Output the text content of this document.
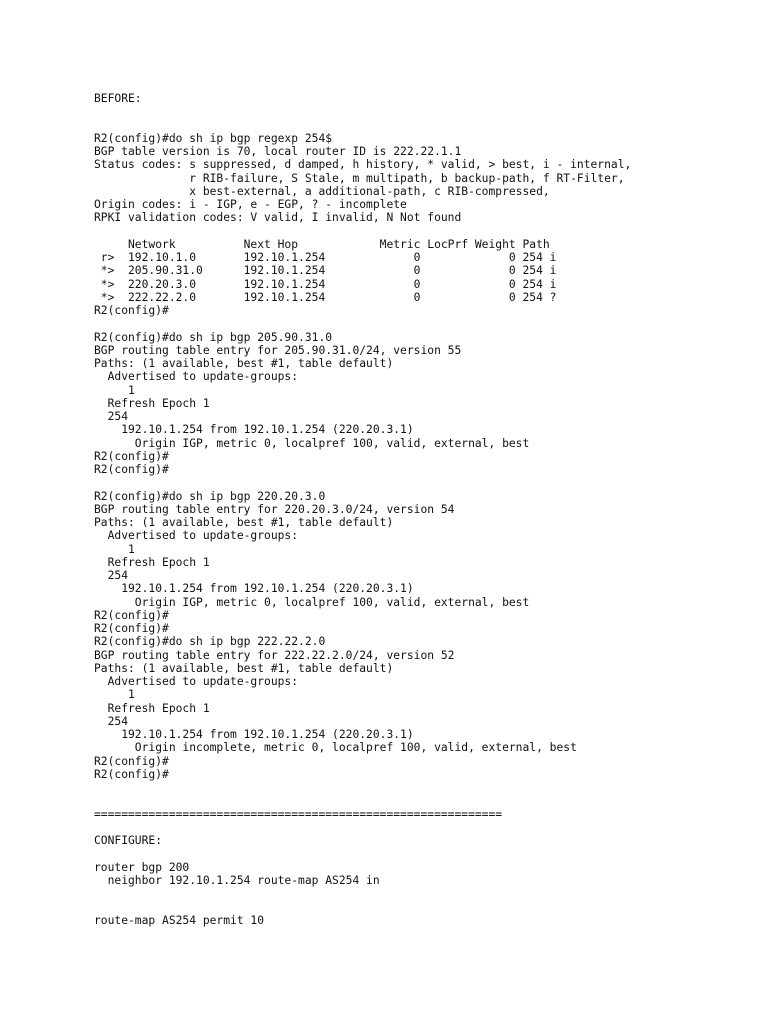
BEFORE:
R2(config)#do sh ip bgp regexp 254$
BGP table version is 70, local router ID is 222.22.1.1
Status codes: s suppressed, d damped, h history, * valid, > best, i - internal,
r RIB-failure, S Stale, m multipath, b backup-path, f RT-Filter,
x best-external, a additional-path, c RIB-compressed,
Origin codes: i - IGP, e - EGP, ? - incomplete
RPKI validation codes: V valid, I invalid, N Not found
Network          Next Hop            Metric LocPrf Weight Path
r>  192.10.1.0       192.10.1.254             0             0 254 i
*>  205.90.31.0      192.10.1.254             0             0 254 i
*>  220.20.3.0       192.10.1.254             0             0 254 i
*>  222.22.2.0       192.10.1.254             0             0 254 ?
R2(config)#
R2(config)#do sh ip bgp 205.90.31.0
BGP routing table entry for 205.90.31.0/24, version 55
Paths: (1 available, best #1, table default)
Advertised to update-groups:
1
Refresh Epoch 1
254
192.10.1.254 from 192.10.1.254 (220.20.3.1)
Origin IGP, metric 0, localpref 100, valid, external, best
R2(config)#
R2(config)#
R2(config)#do sh ip bgp 220.20.3.0
BGP routing table entry for 220.20.3.0/24, version 54
Paths: (1 available, best #1, table default)
Advertised to update-groups:
1
Refresh Epoch 1
254
192.10.1.254 from 192.10.1.254 (220.20.3.1)
Origin IGP, metric 0, localpref 100, valid, external, best
R2(config)#
R2(config)#
R2(config)#do sh ip bgp 222.22.2.0
BGP routing table entry for 222.22.2.0/24, version 52
Paths: (1 available, best #1, table default)
Advertised to update-groups:
1
Refresh Epoch 1
254
192.10.1.254 from 192.10.1.254 (220.20.3.1)
Origin incomplete, metric 0, localpref 100, valid, external, best
R2(config)#
R2(config)#
============================================================
CONFIGURE:
router bgp 200
neighbor 192.10.1.254 route-map AS254 in
route-map AS254 permit 10
